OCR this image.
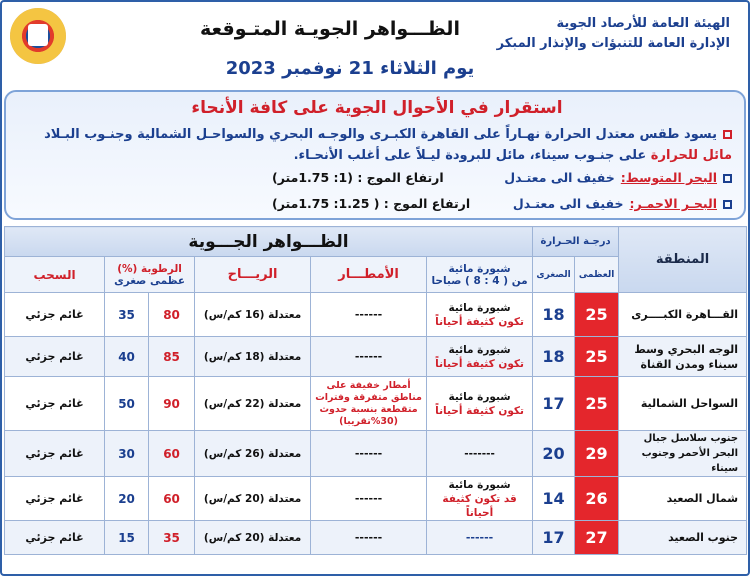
الظـــواهر الجويـة المتـوقعة	الهيئة العامة للأرصاد الجوية
الإدارة العامة للتنبؤات والإنذار المبكر
يوم الثلاثاء 21 نوفمبر 2023
استقرار في الأحوال الجوية على كافة الأنحاء
يسود طقس معتدل الحرارة نهـاراً على القاهرة الكبـرى والوجـه البحري والسواحـل الشمالية وجنـوب البـلاد مائل للحرارة على جنـوب سيناء، مائل للبرودة ليـلاً على أغلب الأنحـاء.
البحر المتوسط:خفيف الى معتـدل
ارتفاع الموج : (1: 1.75متر)
البحـر الاحمـر:خفيف الى معتـدل
ارتفاع الموج : ( 1.25: 1.75متر)
المنطقة	درجـة الحـرارة		الظـــواهر الجـــوية					
	العظمى	الصغرى	شبورة مائية
من ( 4 : 8 ) صباحا	الأمطـــار	الريـــاح	الرطوبة (%)
عظمى صغرى		السحب
القـــاهرة الكبــــرى	25	18	شبورة مائية
تكون كثيفة أحياناً	------	معتدلة (16 كم/س)	80	35	غائم جزئي
الوجه البحري وسط سيناء ومدن القناة	25	18	شبورة مائية
تكون كثيفة أحياناً	------	معتدلة (18 كم/س)	85	40	غائم جزئي
السواحل الشمالية	25	17	شبورة مائية
تكون كثيفة أحياناً	أمطار خفيفة على مناطق متفرقة وفترات متقطعة بنسبة حدوث (30%تقريبا)	معتدلة (22 كم/س)	90	50	غائم جزئي
جنوب سلاسل جبال البحر الأحمر وجنوب سيناء	29	20	-------	------	معتدلة (26 كم/س)	60	30	غائم جزئي
شمال الصعيد	26	14	شبورة مائية
قد تكون كثيفة أحياناً	------	معتدلة (20 كم/س)	60	20	غائم جزئي
جنوب الصعيد	27	17	------	------	معتدلة (20 كم/س)	35	15	غائم جزئي
